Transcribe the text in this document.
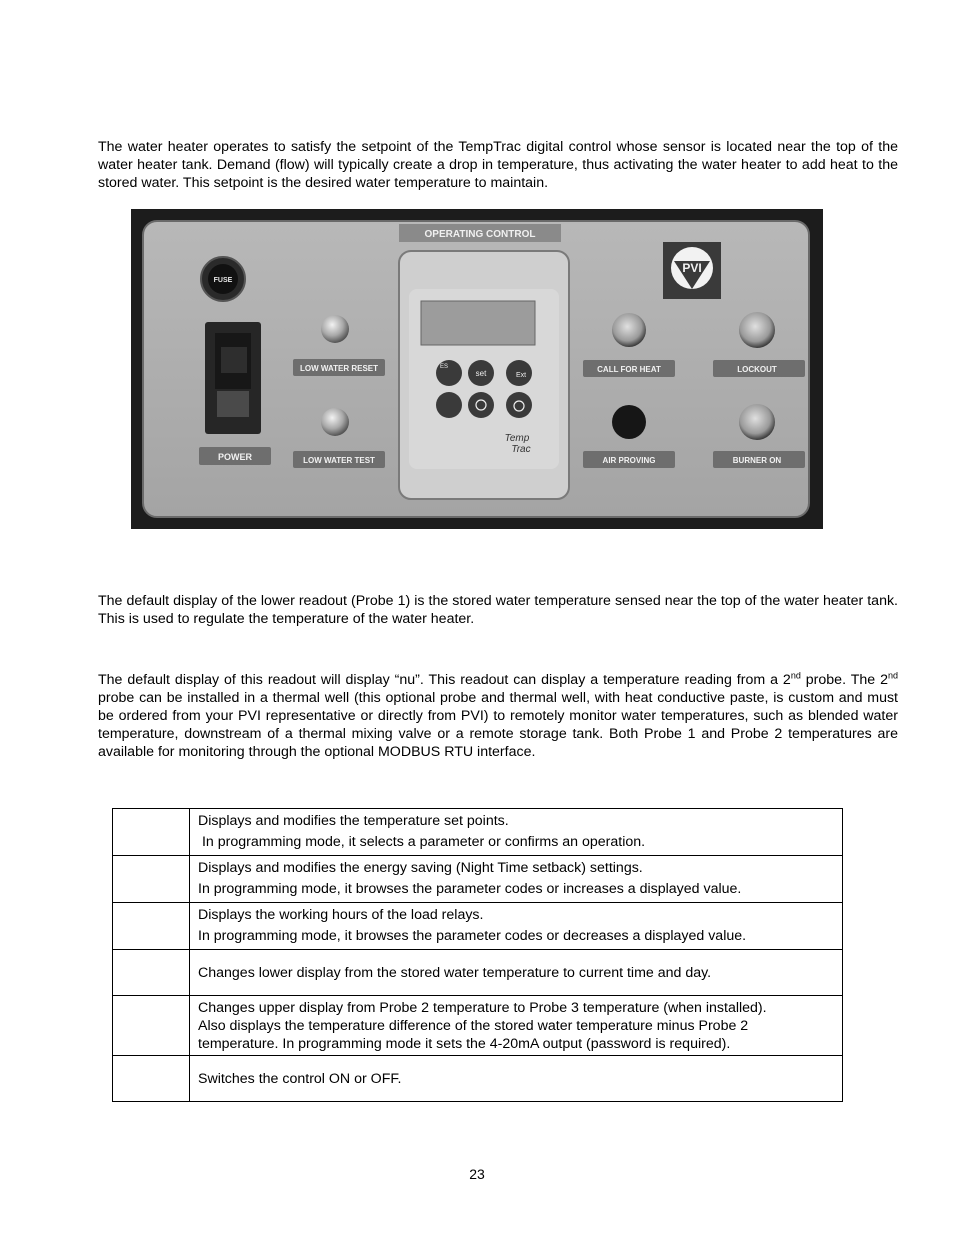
The water heater operates to satisfy the setpoint of the TempTrac digital control whose sensor is located near the top of the water heater tank. Demand (flow) will typically create a drop in temperature, thus activating the water heater to add heat to the stored water. This setpoint is the desired water temperature to maintain.

OPERATING CONTROL
PVI
FUSE
POWER
LOW WATER RESET
LOW WATER TEST
ES
set	Ext
Temp
Trac
CALL FOR HEAT	LOCKOUT
AIR PROVING	BURNER ON

The default display of the lower readout (Probe 1) is the stored water temperature sensed near the top of the water heater tank. This is used to regulate the temperature of the water heater.

The default display of this readout will display “nu”. This readout can display a temperature reading from a 2nd probe. The 2nd probe can be installed in a thermal well (this optional probe and thermal well, with heat conductive paste, is custom and must be ordered from your PVI representative or directly from PVI) to remotely monitor water temperatures, such as blended water temperature, downstream of a thermal mixing valve or a remote storage tank. Both Probe 1 and Probe 2 temperatures are available for monitoring through the optional MODBUS RTU interface.

	Displays and modifies the temperature set points.
In programming mode, it selects a parameter or confirms an operation.

	Displays and modifies the energy saving (Night Time setback) settings.
In programming mode, it browses the parameter codes or increases a displayed value.

	Displays the working hours of the load relays.
In programming mode, it browses the parameter codes or decreases a displayed value.

	Changes lower display from the stored water temperature to current time and day.

	Changes upper display from Probe 2 temperature to Probe 3 temperature (when installed).
Also displays the temperature difference of the stored water temperature minus Probe 2
temperature. In programming mode it sets the 4-20mA output (password is required).

	Switches the control ON or OFF.
23
